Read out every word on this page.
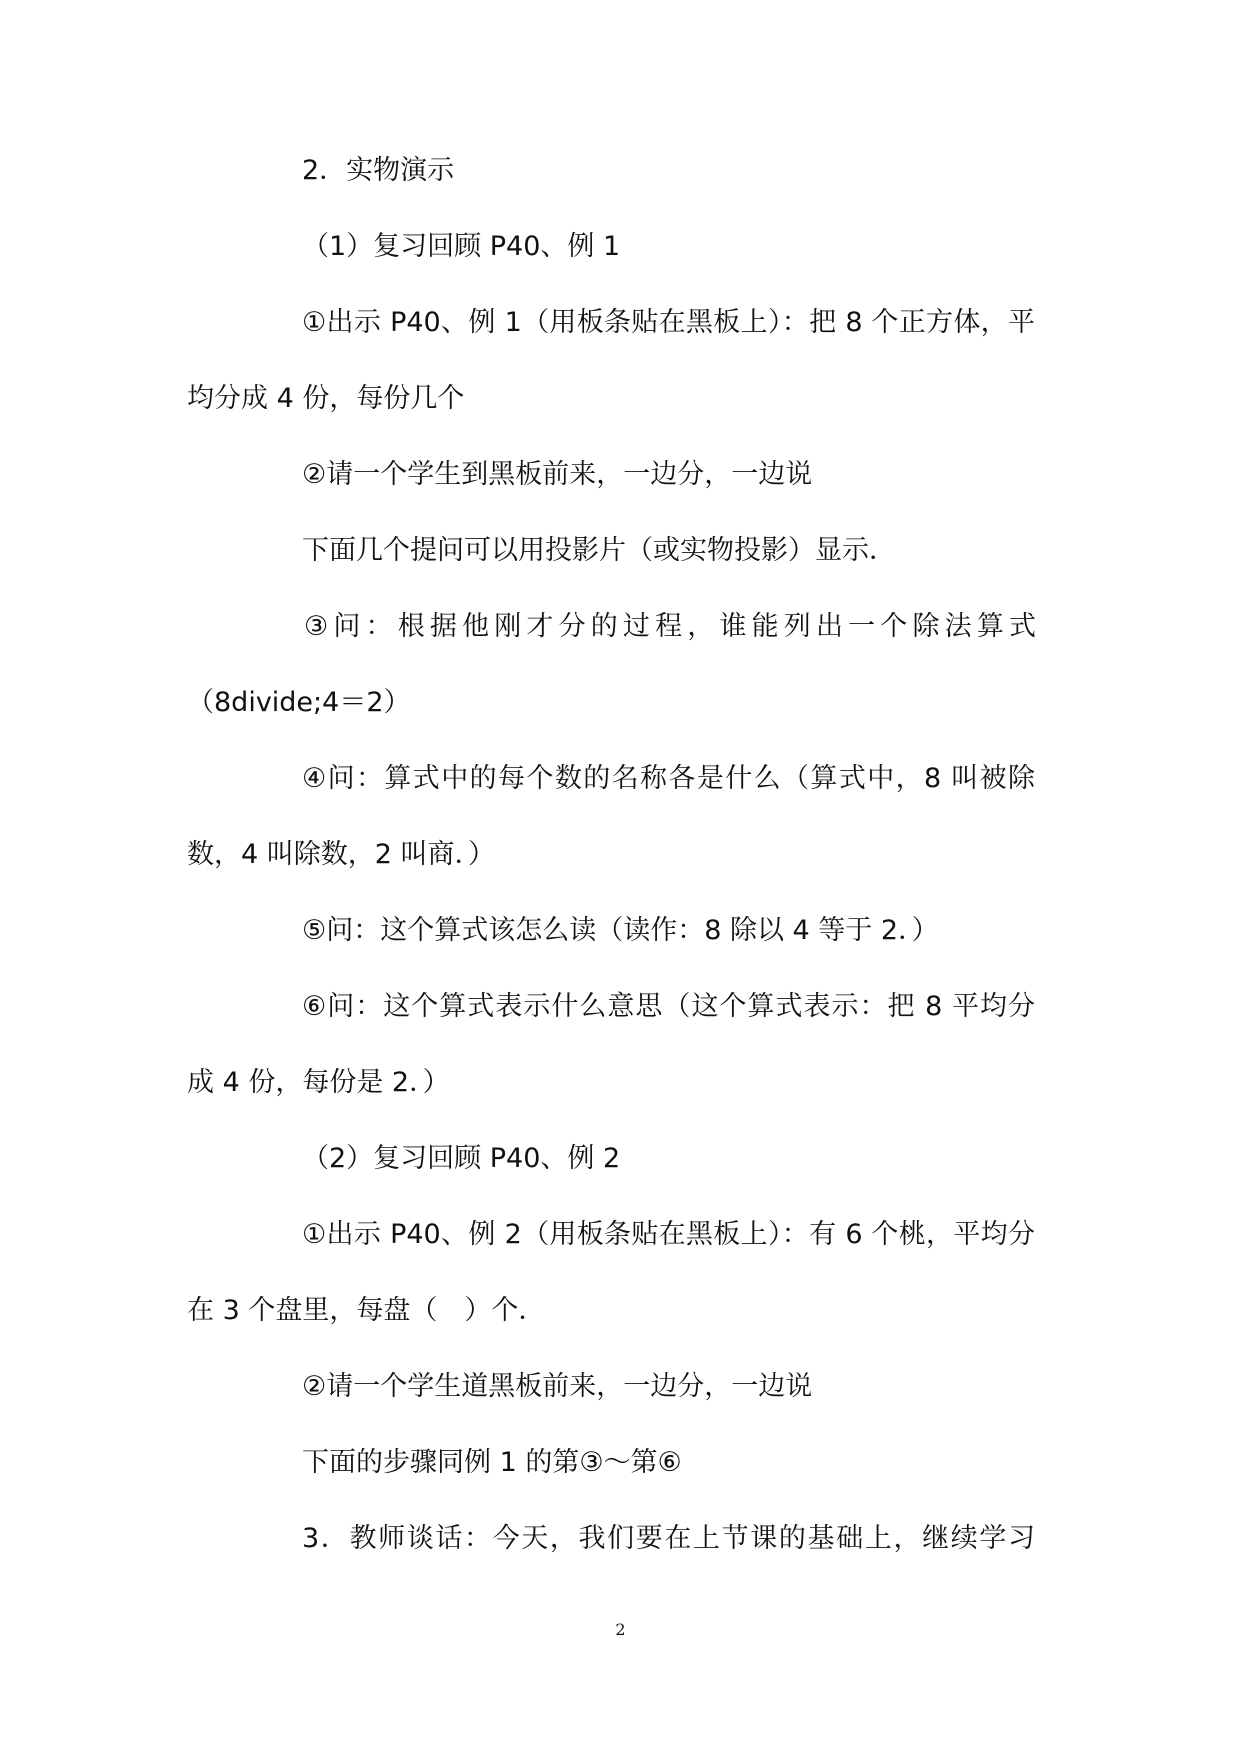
2．实物演示
（1）复习回顾 P40、例 1
①出示 P40、例 1（用板条贴在黑板上）：把 8 个正方体，平
均分成 4 份，每份几个
②请一个学生到黑板前来，一边分，一边说
下面几个提问可以用投影片（或实物投影）显示．
③问：根据他刚才分的过程，谁能列出一个除法算式
（8divide;4＝2）
④问：算式中的每个数的名称各是什么（算式中，8 叫被除
数，4 叫除数，2 叫商．）
⑤问：这个算式该怎么读（读作：8 除以 4 等于 2．）
⑥问：这个算式表示什么意思（这个算式表示：把 8 平均分
成 4 份，每份是 2．）
（2）复习回顾 P40、例 2
①出示 P40、例 2（用板条贴在黑板上）：有 6 个桃，平均分
在 3 个盘里，每盘（　）个．
②请一个学生道黑板前来，一边分，一边说
下面的步骤同例 1 的第③～第⑥
3．教师谈话：今天，我们要在上节课的基础上，继续学习
2
